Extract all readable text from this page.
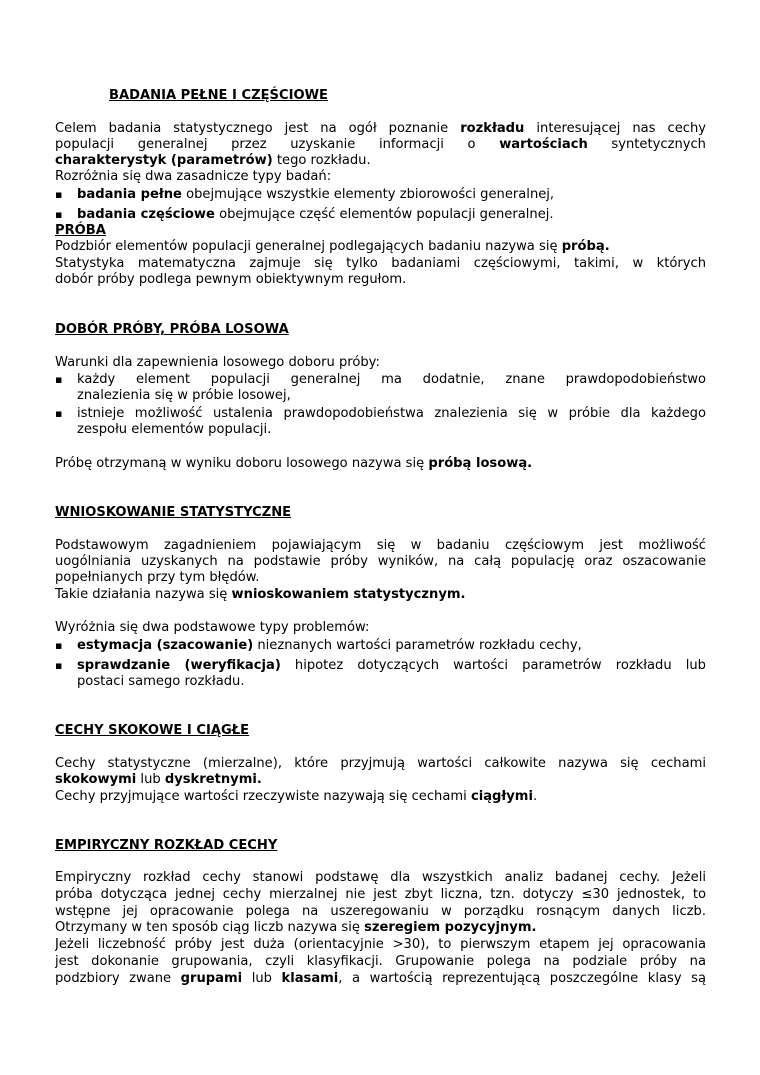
BADANIA PEŁNE I CZĘŚCIOWE
Celem badania statystycznego jest na ogół poznanie rozkładu interesującej nas cechy
populacji generalnej przez uzyskanie informacji o wartościach syntetycznych
charakterystyk (parametrów) tego rozkładu.
Rozróżnia się dwa zasadnicze typy badań:
▪ badania pełne obejmujące wszystkie elementy zbiorowości generalnej,
▪ badania częściowe obejmujące część elementów populacji generalnej.
PRÓBA
Podzbiór elementów populacji generalnej podlegających badaniu nazywa się próbą.
Statystyka matematyczna zajmuje się tylko badaniami częściowymi, takimi, w których
dobór próby podlega pewnym obiektywnym regułom.
DOBÓR PRÓBY, PRÓBA LOSOWA
Warunki dla zapewnienia losowego doboru próby:
▪ każdy element populacji generalnej ma dodatnie, znane prawdopodobieństwo
znalezienia się w próbie losowej,
▪ istnieje możliwość ustalenia prawdopodobieństwa znalezienia się w próbie dla każdego
zespołu elementów populacji.
Próbę otrzymaną w wyniku doboru losowego nazywa się próbą losową.
WNIOSKOWANIE STATYSTYCZNE
Podstawowym zagadnieniem pojawiającym się w badaniu częściowym jest możliwość
uogólniania uzyskanych na podstawie próby wyników, na całą populację oraz oszacowanie
popełnianych przy tym błędów.
Takie działania nazywa się wnioskowaniem statystycznym.
Wyróżnia się dwa podstawowe typy problemów:
▪ estymacja (szacowanie) nieznanych wartości parametrów rozkładu cechy,
▪ sprawdzanie (weryfikacja) hipotez dotyczących wartości parametrów rozkładu lub
postaci samego rozkładu.
CECHY SKOKOWE I CIĄGŁE
Cechy statystyczne (mierzalne), które przyjmują wartości całkowite nazywa się cechami
skokowymi lub dyskretnymi.
Cechy przyjmujące wartości rzeczywiste nazywają się cechami ciągłymi.
EMPIRYCZNY ROZKŁAD CECHY
Empiryczny rozkład cechy stanowi podstawę dla wszystkich analiz badanej cechy. Jeżeli
próba dotycząca jednej cechy mierzalnej nie jest zbyt liczna, tzn. dotyczy ≤30 jednostek, to
wstępne jej opracowanie polega na uszeregowaniu w porządku rosnącym danych liczb.
Otrzymany w ten sposób ciąg liczb nazywa się szeregiem pozycyjnym.
Jeżeli liczebność próby jest duża (orientacyjnie >30), to pierwszym etapem jej opracowania
jest dokonanie grupowania, czyli klasyfikacji. Grupowanie polega na podziale próby na
podzbiory zwane grupami lub klasami, a wartością reprezentującą poszczególne klasy są
